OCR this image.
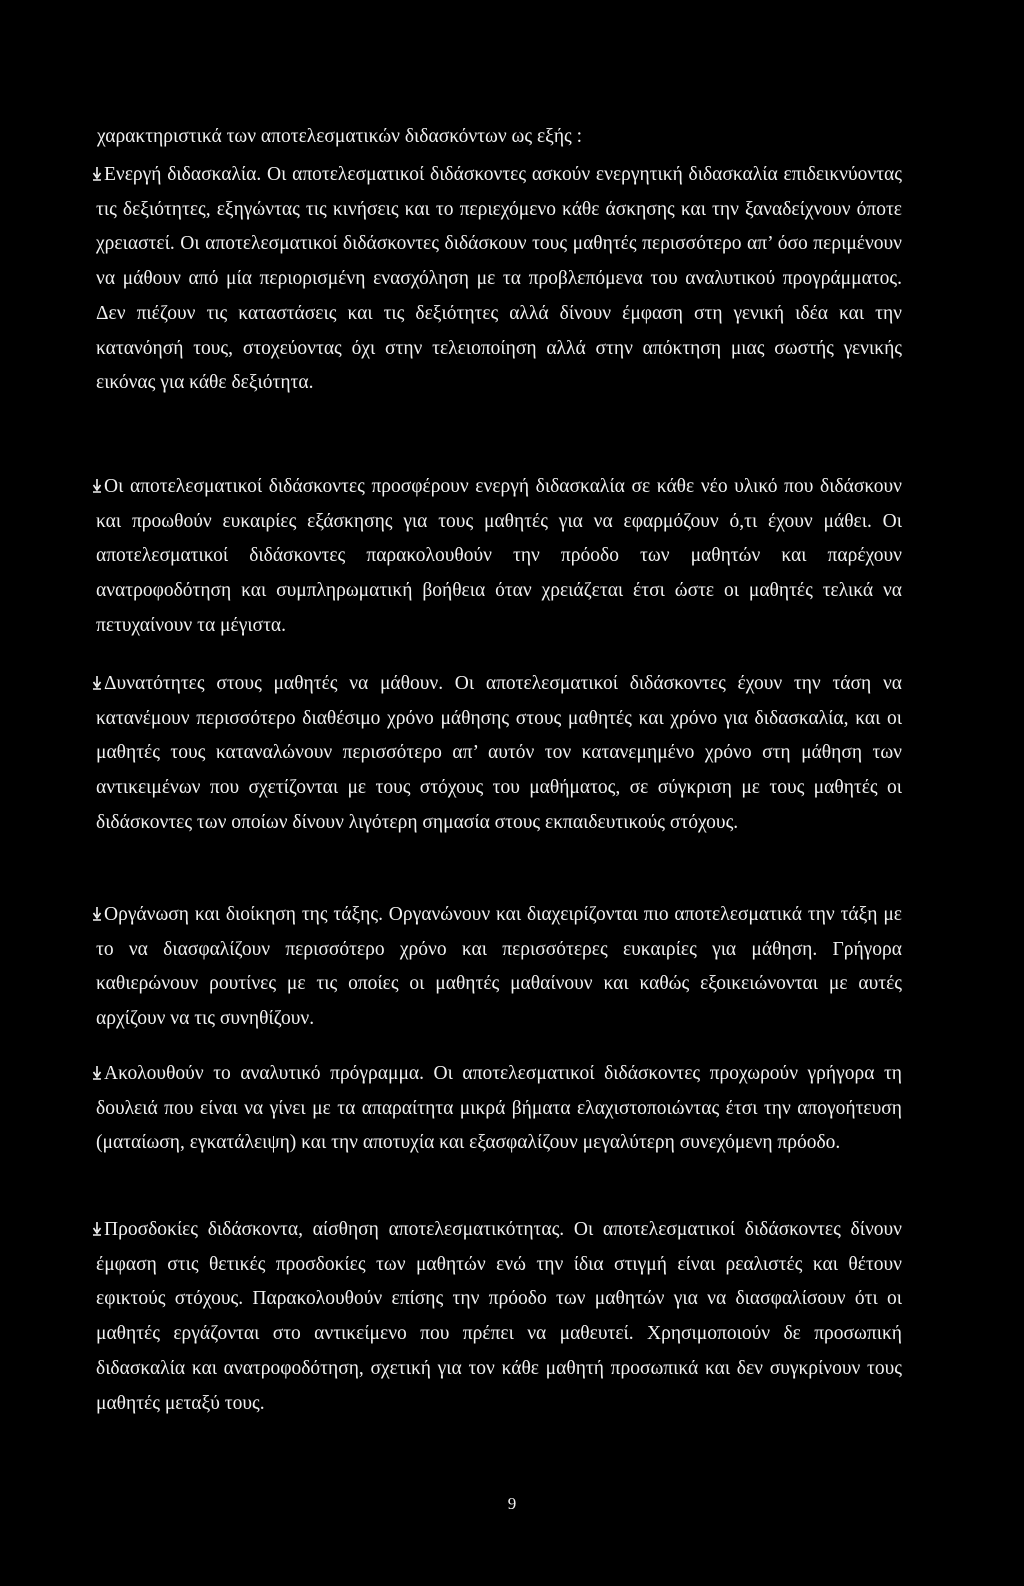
χαρακτηριστικά των αποτελεσματικών διδασκόντων ως εξής :
Ενεργή διδασκαλία. Οι αποτελεσματικοί διδάσκοντες ασκούν ενεργητική διδασκαλία επιδεικνύοντας τις δεξιότητες, εξηγώντας τις κινήσεις και το περιεχόμενο κάθε άσκησης και την ξαναδείχνουν όποτε χρειαστεί. Οι αποτελεσματικοί διδάσκοντες διδάσκουν τους μαθητές περισσότερο απ’ όσο περιμένουν να μάθουν από μία περιορισμένη ενασχόληση με τα προβλεπόμενα του αναλυτικού προγράμματος. Δεν πιέζουν τις καταστάσεις και τις δεξιότητες αλλά δίνουν έμφαση στη γενική ιδέα και την κατανόησή τους, στοχεύοντας όχι στην τελειοποίηση αλλά στην απόκτηση μιας σωστής γενικής εικόνας για κάθε δεξιότητα.
Οι αποτελεσματικοί διδάσκοντες προσφέρουν ενεργή διδασκαλία σε κάθε νέο υλικό που διδάσκουν και προωθούν ευκαιρίες εξάσκησης για τους μαθητές για να εφαρμόζουν ό,τι έχουν μάθει. Οι αποτελεσματικοί διδάσκοντες παρακολουθούν την πρόοδο των μαθητών και παρέχουν ανατροφοδότηση και συμπληρωματική βοήθεια όταν χρειάζεται έτσι ώστε οι μαθητές τελικά να πετυχαίνουν τα μέγιστα.
Δυνατότητες στους μαθητές να μάθουν. Οι αποτελεσματικοί διδάσκοντες έχουν την τάση να κατανέμουν περισσότερο διαθέσιμο χρόνο μάθησης στους μαθητές και χρόνο για διδασκαλία, και οι μαθητές τους καταναλώνουν περισσότερο απ’ αυτόν τον κατανεμημένο χρόνο στη μάθηση των αντικειμένων που σχετίζονται με τους στόχους του μαθήματος, σε σύγκριση με τους μαθητές οι διδάσκοντες των οποίων δίνουν λιγότερη σημασία στους εκπαιδευτικούς στόχους.
Οργάνωση και διοίκηση της τάξης. Οργανώνουν και διαχειρίζονται πιο αποτελεσματικά την τάξη με το να διασφαλίζουν περισσότερο χρόνο και περισσότερες ευκαιρίες για μάθηση. Γρήγορα καθιερώνουν ρουτίνες με τις οποίες οι μαθητές μαθαίνουν και καθώς εξοικειώνονται με αυτές αρχίζουν να τις συνηθίζουν.
Ακολουθούν το αναλυτικό πρόγραμμα. Οι αποτελεσματικοί διδάσκοντες προχωρούν γρήγορα τη δουλειά που είναι να γίνει με τα απαραίτητα μικρά βήματα ελαχιστοποιώντας έτσι την απογοήτευση (ματαίωση, εγκατάλειψη) και την αποτυχία και εξασφαλίζουν μεγαλύτερη συνεχόμενη πρόοδο.
Προσδοκίες διδάσκοντα, αίσθηση αποτελεσματικότητας. Οι αποτελεσματικοί διδάσκοντες δίνουν έμφαση στις θετικές προσδοκίες των μαθητών ενώ την ίδια στιγμή είναι ρεαλιστές και θέτουν εφικτούς στόχους. Παρακολουθούν επίσης την πρόοδο των μαθητών για να διασφαλίσουν ότι οι μαθητές εργάζονται στο αντικείμενο που πρέπει να μαθευτεί. Χρησιμοποιούν δε προσωπική διδασκαλία και ανατροφοδότηση, σχετική για τον κάθε μαθητή προσωπικά και δεν συγκρίνουν τους μαθητές μεταξύ τους.
9
